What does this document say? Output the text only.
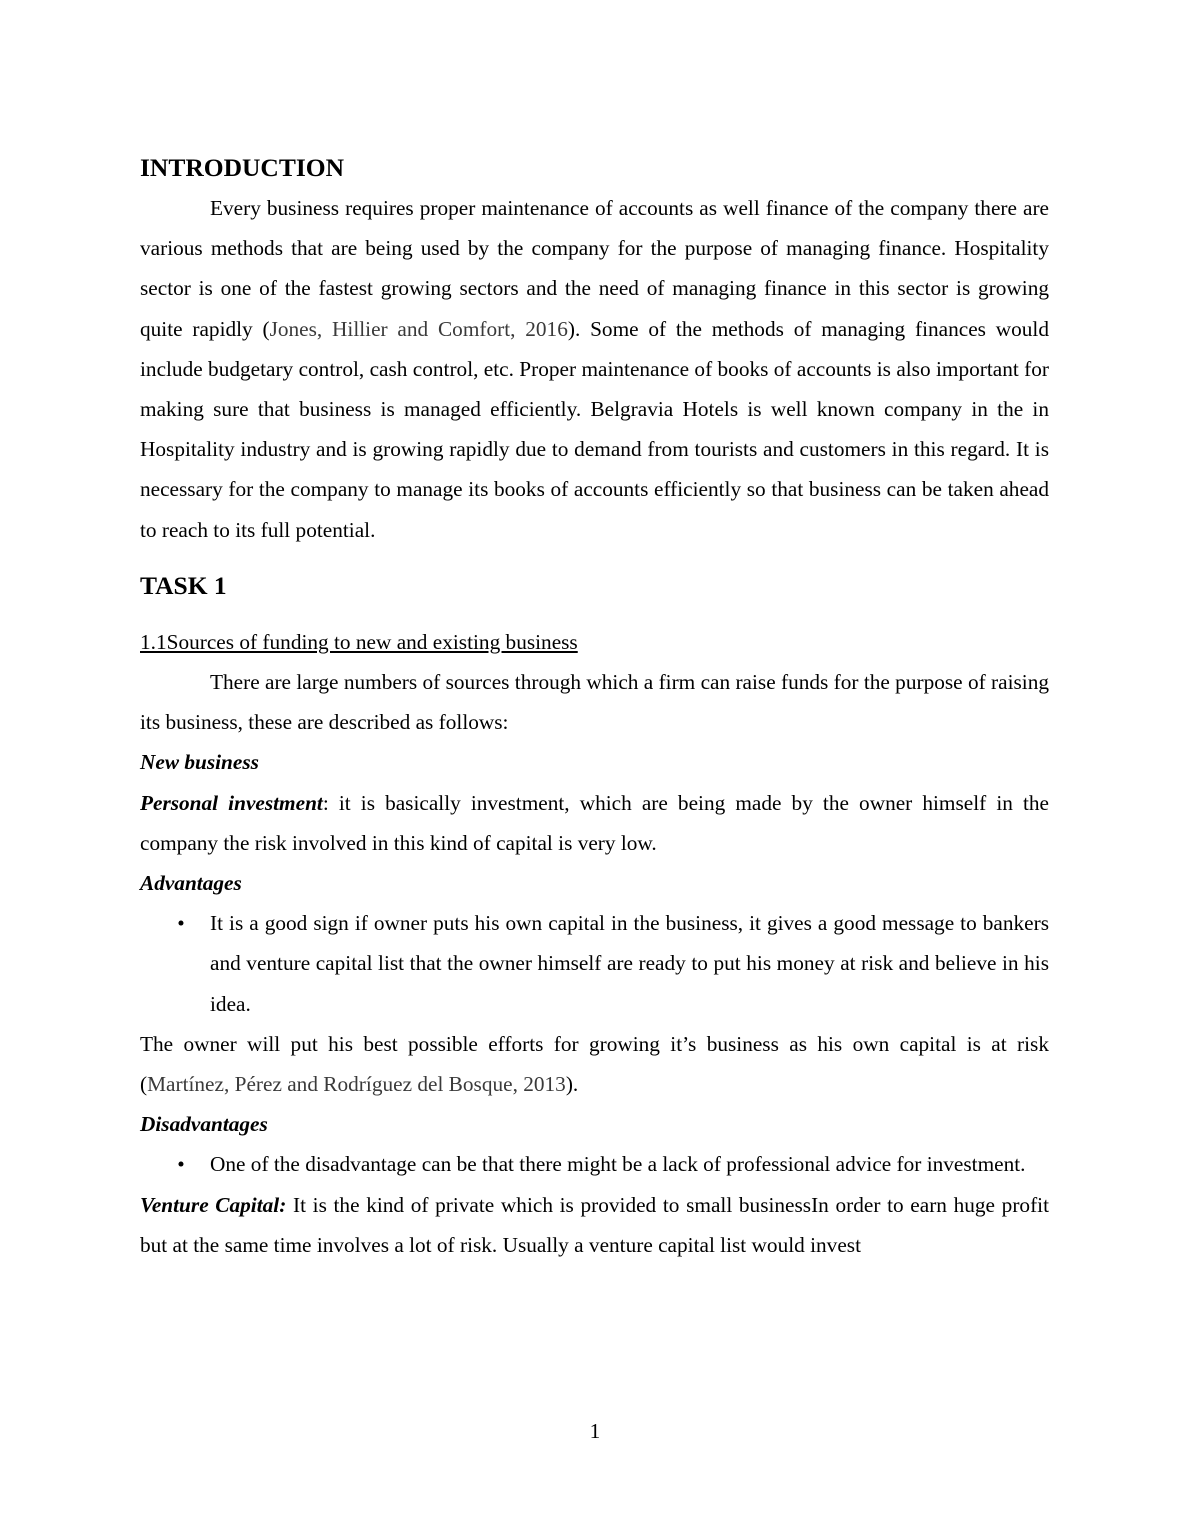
INTRODUCTION

Every business requires proper maintenance of accounts as well finance of the company there are various methods that are being used by the company for the purpose of managing finance. Hospitality sector is one of the fastest growing sectors and the need of managing finance in this sector is growing quite rapidly (Jones, Hillier and Comfort, 2016). Some of the methods of managing finances would include budgetary control, cash control, etc. Proper maintenance of books of accounts is also important for making sure that business is managed efficiently. Belgravia Hotels is well known company in the in Hospitality industry and is growing rapidly due to demand from tourists and customers in this regard. It is necessary for the company to manage its books of accounts efficiently so that business can be taken ahead to reach to its full potential.

TASK 1

1.1Sources of funding to new and existing business

There are large numbers of sources through which a firm can raise funds for the purpose of raising its business, these are described as follows:

New business

Personal investment: it is basically investment, which are being made by the owner himself in the company the risk involved in this kind of capital is very low.

Advantages

• It is a good sign if owner puts his own capital in the business, it gives a good message to bankers and venture capital list that the owner himself are ready to put his money at risk and believe in his idea.

The owner will put his best possible efforts for growing it’s business as his own capital is at risk (Martínez, Pérez and Rodríguez del Bosque, 2013).

Disadvantages

• One of the disadvantage can be that there might be a lack of professional advice for investment.

Venture Capital: It is the kind of private which is provided to small businessIn order to earn huge profit but at the same time involves a lot of risk. Usually a venture capital list would invest

1
